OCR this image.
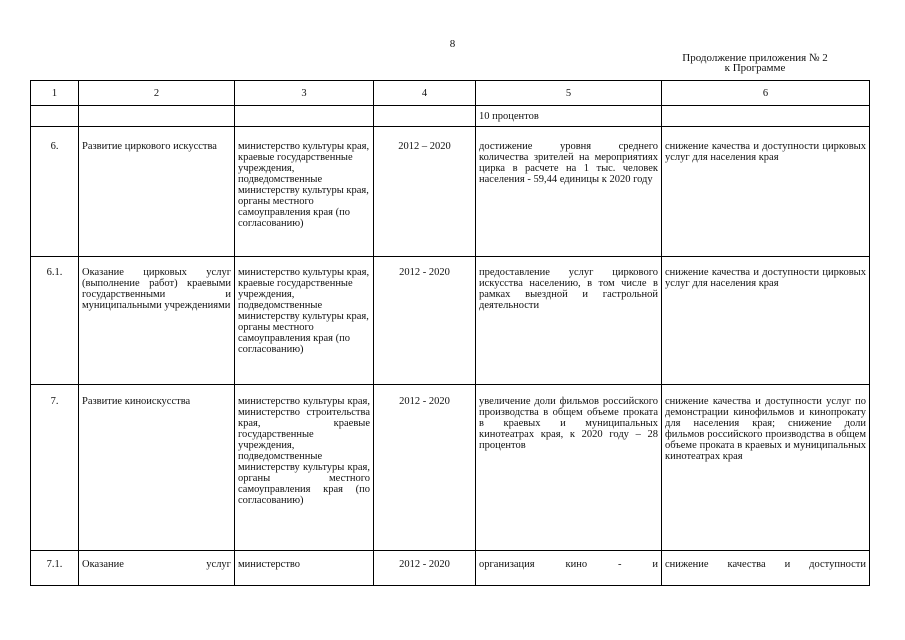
8
Продолжение приложения № 2
к Программе
1	2	3	4	5	6
				10 процентов	
6.	Развитие циркового искусства	министерство культуры края, краевые государственные учреждения, подведомственные министерству культуры края, органы местного самоуправления края (по согласованию)	2012 – 2020	достижение уровня среднего количества зрителей на мероприятиях цирка в расчете на 1 тыс. человек населения - 59,44 единицы к 2020 году	снижение качества и доступности цирковых услуг для населения края
6.1.	Оказание цирковых услуг (выполнение работ) краевыми государственными и муниципальными учреждениями	министерство культуры края, краевые государственные учреждения, подведомственные министерству культуры края, органы местного самоуправления края (по согласованию)	2012 - 2020	предоставление услуг циркового искусства населению, в том числе в рамках выездной и гастрольной деятельности	снижение качества и доступности цирковых услуг для населения края
7.	Развитие киноискусства	министерство культуры края, министерство строительства края, краевые государственные учреждения, подведомственные министерству культуры края, органы местного самоуправления края (по согласованию)	2012 - 2020	увеличение доли фильмов российского производства в общем объеме проката в краевых и муниципальных кинотеатрах края, к 2020 году – 28 процентов	снижение качества и доступности услуг по демонстрации кинофильмов и кинопрокату для населения края; снижение доли фильмов российского производства в общем объеме проката в краевых и муниципальных кинотеатрах края
7.1.	Оказание услуг	министерство	2012 - 2020	организация кино - и	снижение качества и доступности
